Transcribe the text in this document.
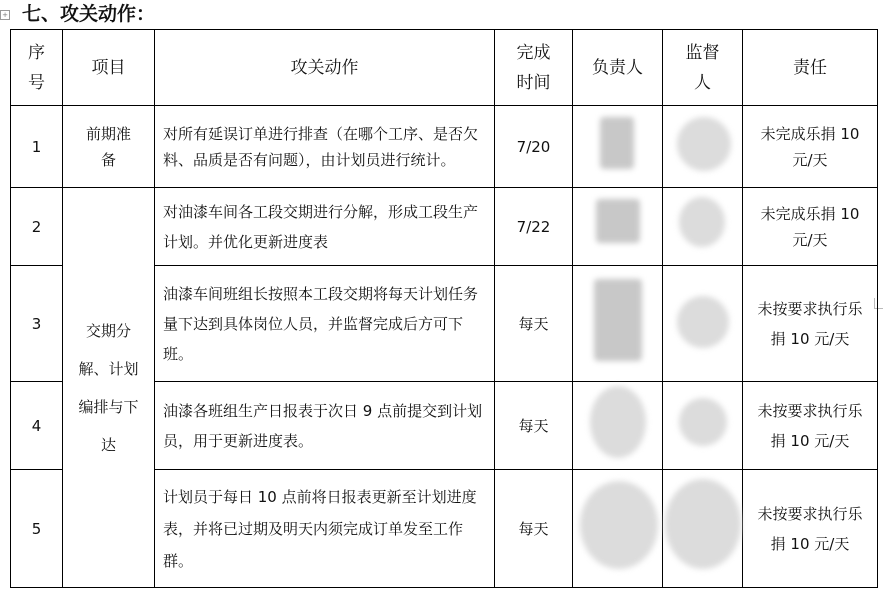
+ 七、攻关动作：
序号	项目	攻关动作	完成时间	负责人	监督人	责任
1	前期准备	对所有延误订单进行排查（在哪个工序、是否欠料、品质是否有问题），由计划员进行统计。	7/20			未完成乐捐 10 元/天
2	交期分解、计划编排与下达	对油漆车间各工段交期进行分解，形成工段生产计划。并优化更新进度表	7/22			未完成乐捐 10 元/天
3		油漆车间班组长按照本工段交期将每天计划任务量下达到具体岗位人员，并监督完成后方可下班。	每天			未按要求执行乐捐 10 元/天
4		油漆各班组生产日报表于次日 9 点前提交到计划员，用于更新进度表。	每天			未按要求执行乐捐 10 元/天
5		计划员于每日 10 点前将日报表更新至计划进度表，并将已过期及明天内须完成订单发至工作群。	每天			未按要求执行乐捐 10 元/天
